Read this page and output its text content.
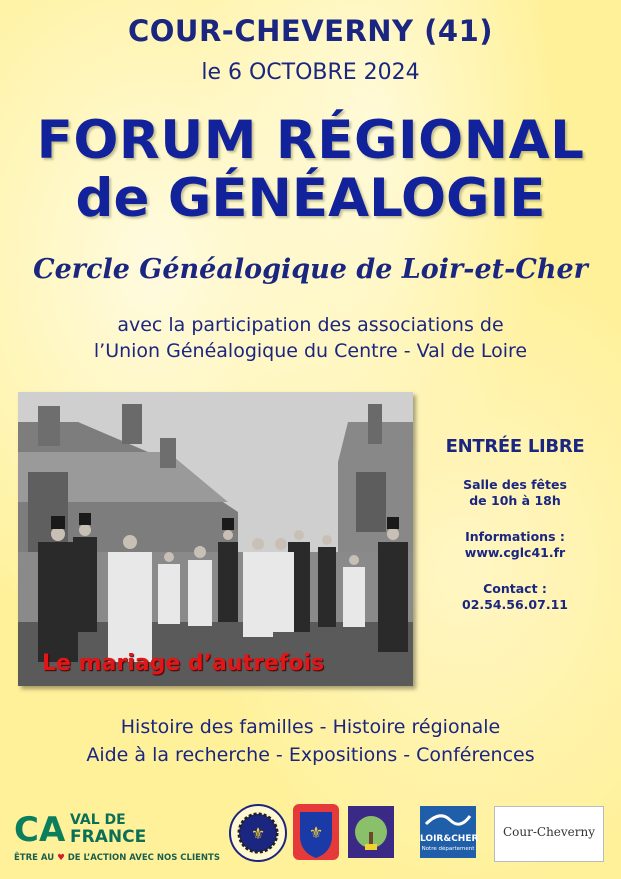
COUR-CHEVERNY (41)
le 6 OCTOBRE 2024
FORUM RÉGIONAL
de GÉNÉALOGIE
Cercle Généalogique de Loir-et-Cher
avec la participation des associations de
l’Union Généalogique du Centre - Val de Loire
Le mariage d’autrefois
ENTRÉE LIBRE
Salle des fêtes
de 10h à 18h
Informations :
www.cglc41.fr
Contact :
02.54.56.07.11
Histoire des familles - Histoire régionale
Aide à la recherche - Expositions - Conférences
CA VAL DE
FRANCE
ÊTRE AU ♥ DE L’ACTION AVEC NOS CLIENTS
⚜	⚜	LOIR&CHER
Notre département
Cour-Cheverny
